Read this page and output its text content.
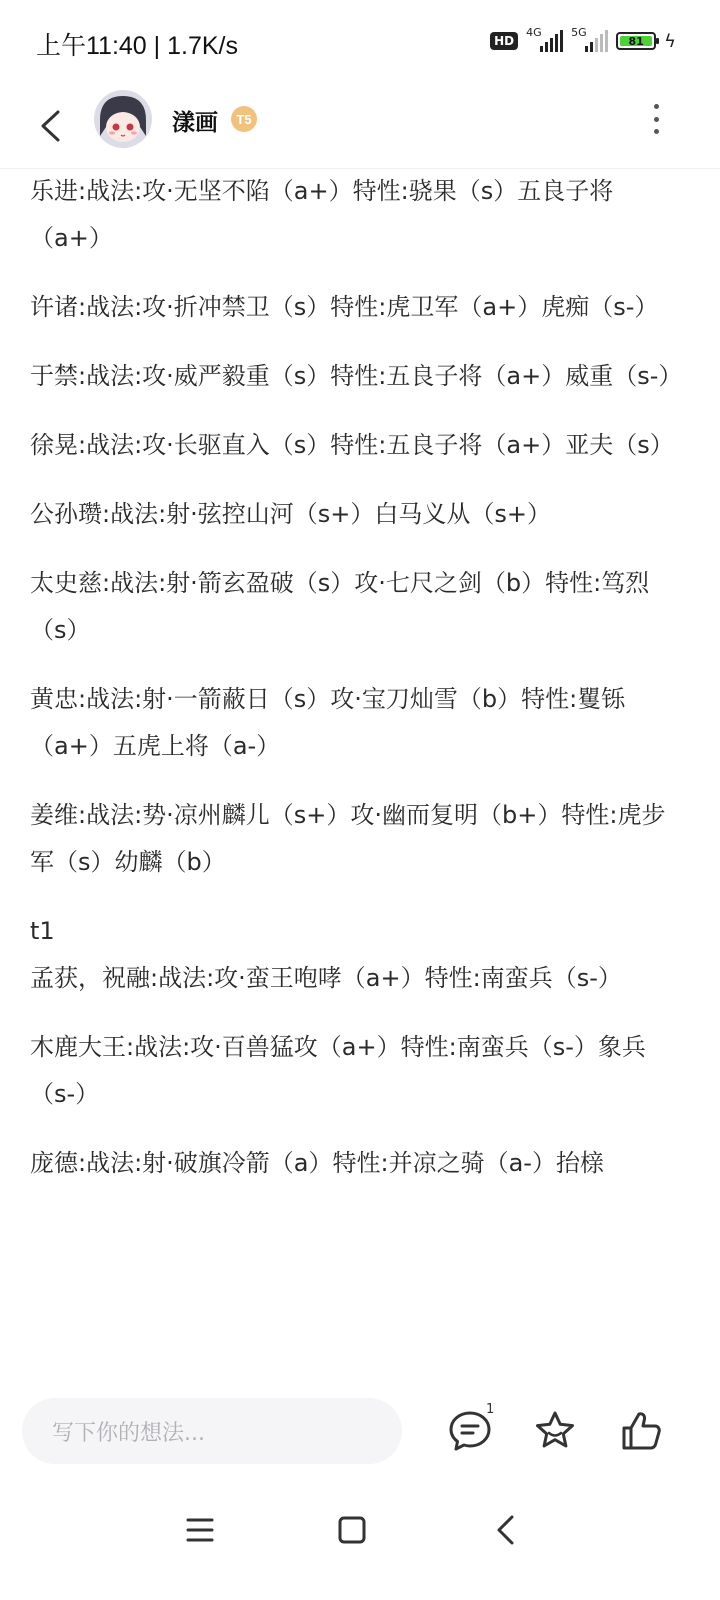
上午11:40 | 1.7K/s	HD
4G	5G
81	ϟ
漾画	T5
乐进:战法:攻·无坚不陷（a+）特性:骁果（s）五良子将（a+）
许诸:战法:攻·折冲禁卫（s）特性:虎卫军（a+）虎痴（s-）
于禁:战法:攻·威严毅重（s）特性:五良子将（a+）威重（s-）
徐晃:战法:攻·长驱直入（s）特性:五良子将（a+）亚夫（s）
公孙瓒:战法:射·弦控山河（s+）白马义从（s+）
太史慈:战法:射·箭玄盈破（s）攻·七尺之剑（b）特性:笃烈（s）
黄忠:战法:射·一箭蔽日（s）攻·宝刀灿雪（b）特性:矍铄（a+）五虎上将（a-）
姜维:战法:势·凉州麟儿（s+）攻·幽而复明（b+）特性:虎步军（s）幼麟（b）
t1
孟获，祝融:战法:攻·蛮王咆哮（a+）特性:南蛮兵（s-）
木鹿大王:战法:攻·百兽猛攻（a+）特性:南蛮兵（s-）象兵（s-）
庞德:战法:射·破旗冷箭（a）特性:并凉之骑（a-）抬榇
写下你的想法...
1
